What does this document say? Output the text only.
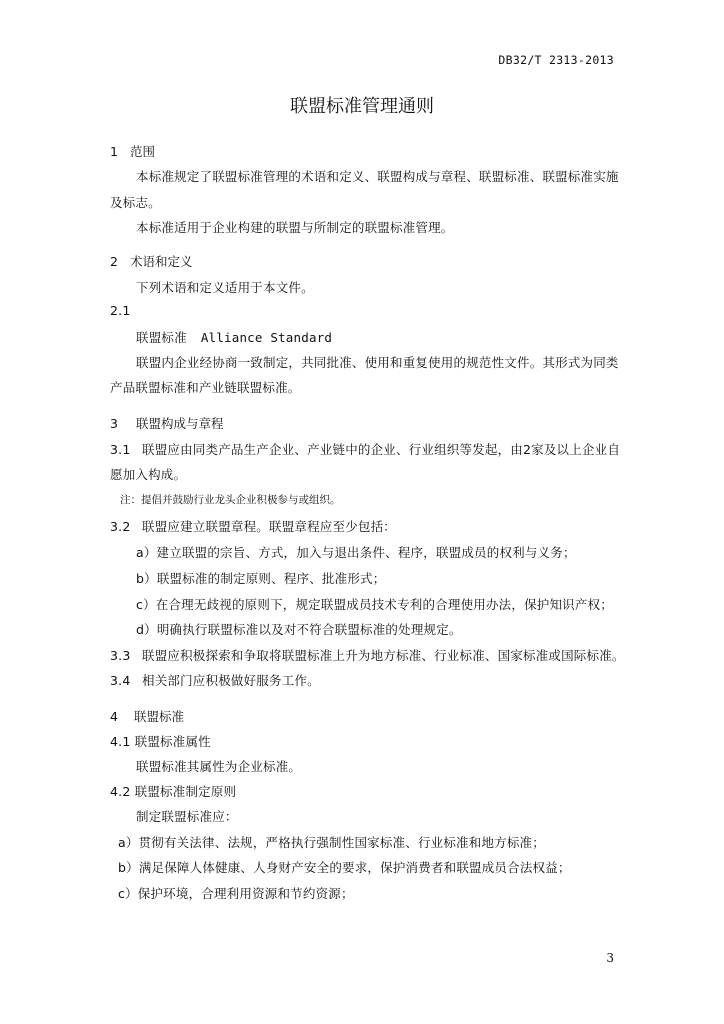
DB32/T 2313-2013
联盟标准管理通则
1 范围
本标准规定了联盟标准管理的术语和定义、联盟构成与章程、联盟标准、联盟标准实施
及标志。
本标准适用于企业构建的联盟与所制定的联盟标准管理。
2 术语和定义
下列术语和定义适用于本文件。
2.1
联盟标准 Alliance Standard
联盟内企业经协商一致制定，共同批准、使用和重复使用的规范性文件。其形式为同类
产品联盟标准和产业链联盟标准。
3 联盟构成与章程
3.1 联盟应由同类产品生产企业、产业链中的企业、行业组织等发起，由2家及以上企业自
愿加入构成。
注：提倡并鼓励行业龙头企业积极参与或组织。
3.2 联盟应建立联盟章程。联盟章程应至少包括：
a）建立联盟的宗旨、方式，加入与退出条件、程序，联盟成员的权利与义务；
b）联盟标准的制定原则、程序、批准形式；
c）在合理无歧视的原则下，规定联盟成员技术专利的合理使用办法，保护知识产权；
d）明确执行联盟标准以及对不符合联盟标准的处理规定。
3.3 联盟应积极探索和争取将联盟标准上升为地方标准、行业标准、国家标准或国际标准。
3.4 相关部门应积极做好服务工作。
4 联盟标准
4.1 联盟标准属性
联盟标准其属性为企业标准。
4.2 联盟标准制定原则
制定联盟标准应：
a）贯彻有关法律、法规，严格执行强制性国家标准、行业标准和地方标准；
b）满足保障人体健康、人身财产安全的要求，保护消费者和联盟成员合法权益；
c）保护环境，合理利用资源和节约资源；
3
